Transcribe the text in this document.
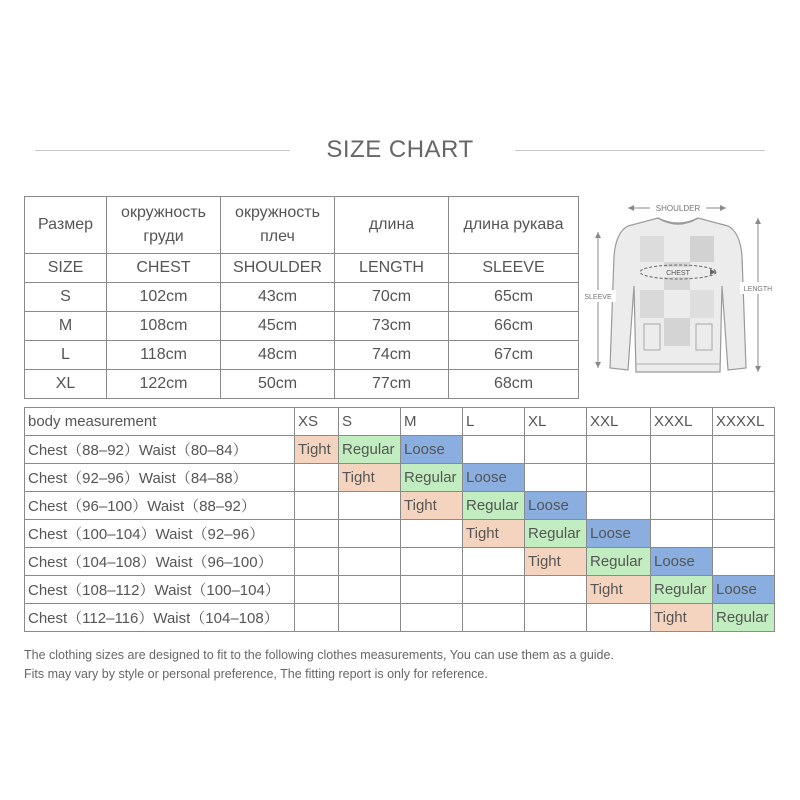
SIZE CHART
Размер	окружность груди	окружность плеч	длина	длина рукава
SIZE	CHEST	SHOULDER	LENGTH	SLEEVE
S	102cm	43cm	70cm	65cm
M	108cm	45cm	73cm	66cm
L	118cm	48cm	74cm	67cm
XL	122cm	50cm	77cm	68cm
SHOULDER
CHEST
SLEEVE
LENGTH
body measurement	XS	S	M	L	XL	XXL	XXXL	XXXXL
Chest（88–92）Waist（80–84）	Tight	Regular	Loose					
Chest（92–96）Waist（84–88）		Tight	Regular	Loose				
Chest（96–100）Waist（88–92）			Tight	Regular	Loose			
Chest（100–104）Waist（92–96）				Tight	Regular	Loose		
Chest（104–108）Waist（96–100）					Tight	Regular	Loose	
Chest（108–112）Waist（100–104）						Tight	Regular	Loose
Chest（112–116）Waist（104–108）							Tight	Regular
The clothing sizes are designed to fit to the following clothes measurements, You can use them as a guide.
Fits may vary by style or personal preference, The fitting report is only for reference.
